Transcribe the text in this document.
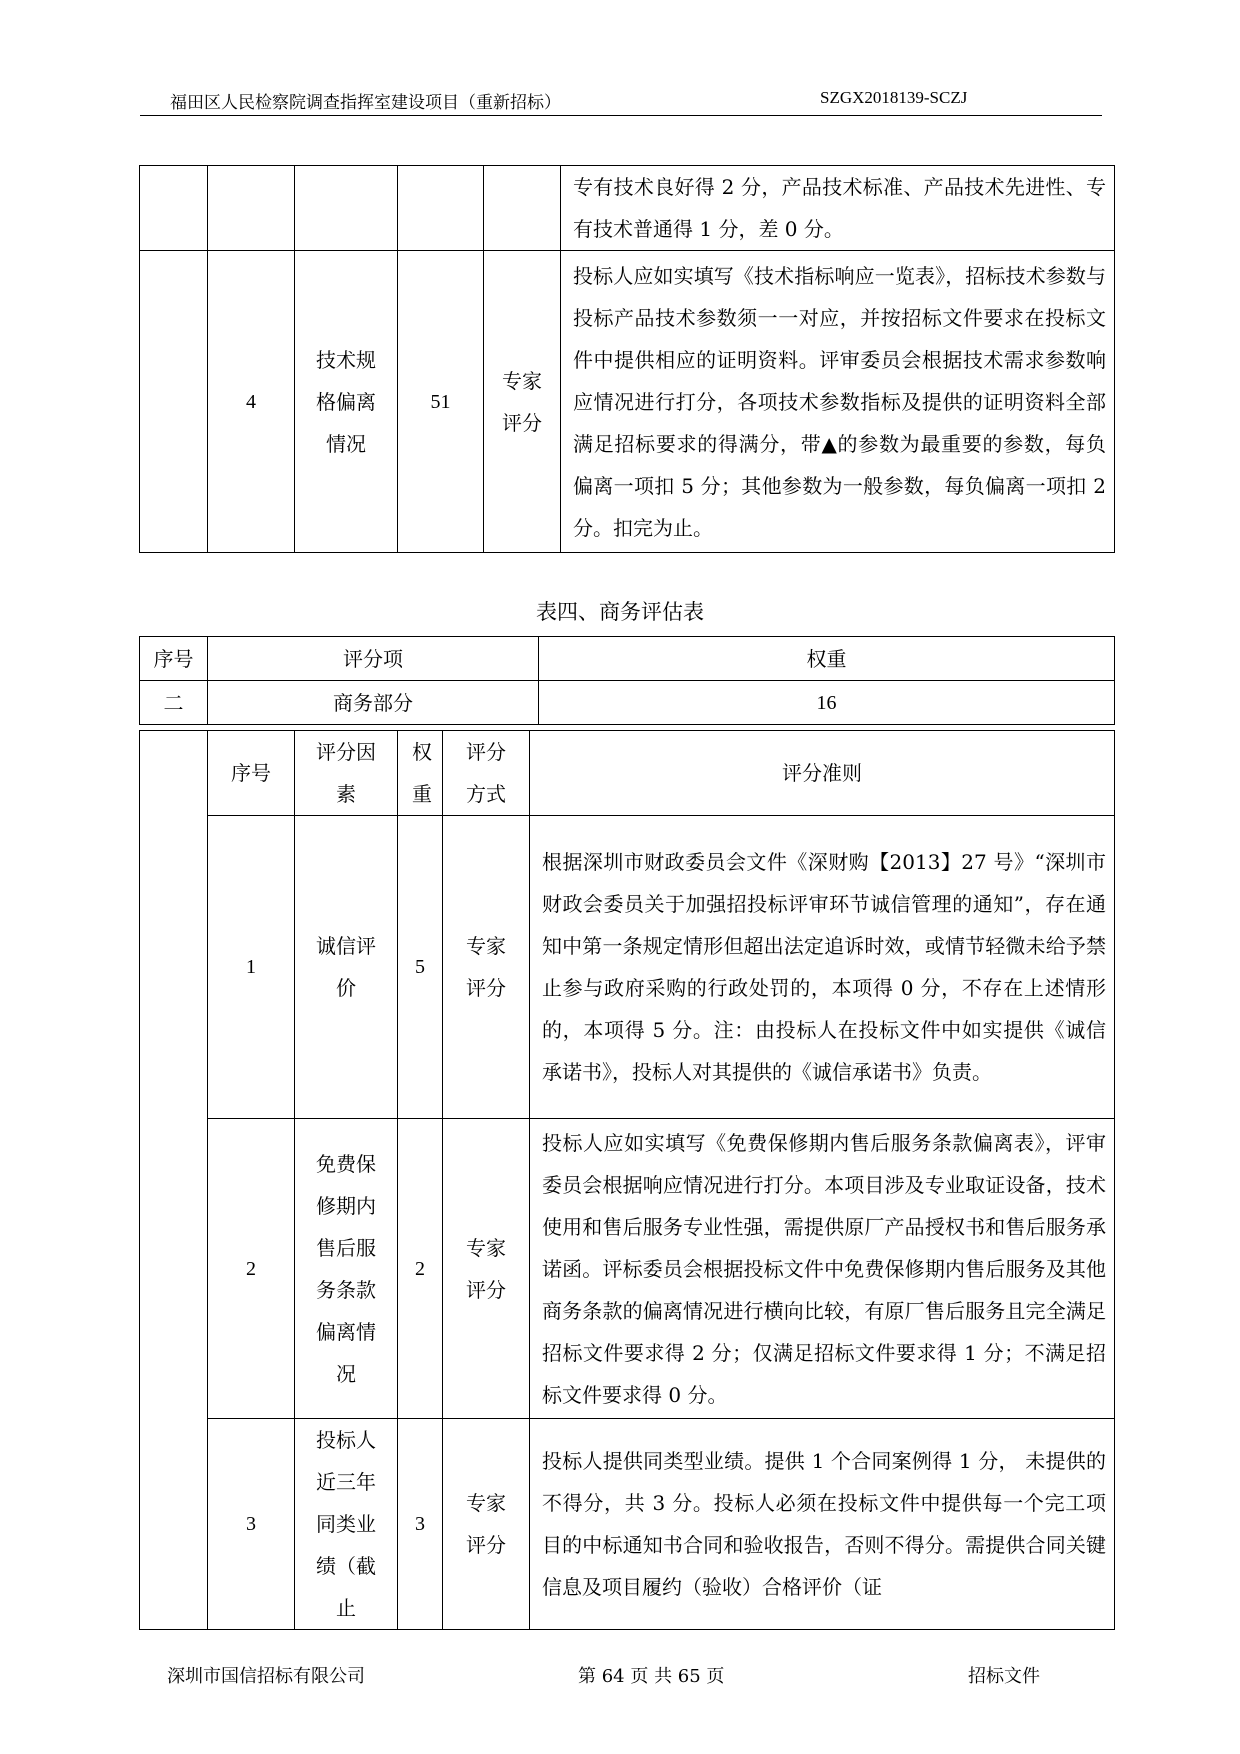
福田区人民检察院调查指挥室建设项目（重新招标）	SZGX2018139-SCZJ
					专有技术良好得 2 分，产品技术标准、产品技术先进性、专有技术普通得 1 分，差 0 分。
	4	技术规格偏离情况	51	专家评分	投标人应如实填写《技术指标响应一览表》，招标技术参数与投标产品技术参数须一一对应，并按招标文件要求在投标文件中提供相应的证明资料。评审委员会根据技术需求参数响应情况进行打分，各项技术参数指标及提供的证明资料全部满足招标要求的得满分，带▲的参数为最重要的参数，每负偏离一项扣 5 分；其他参数为一般参数，每负偏离一项扣 2 分。扣完为止。
表四、商务评估表
序号	评分项	权重
二	商务部分	16
	序号	评分因素	权重	评分方式	评分准则
	1	诚信评价	5	专家评分	根据深圳市财政委员会文件《深财购【2013】27 号》“深圳市财政会委员关于加强招投标评审环节诚信管理的通知”，存在通知中第一条规定情形但超出法定追诉时效，或情节轻微未给予禁止参与政府采购的行政处罚的，本项得 0 分，不存在上述情形的，本项得 5 分。注：由投标人在投标文件中如实提供《诚信承诺书》，投标人对其提供的《诚信承诺书》负责。
	2	免费保修期内售后服务条款偏离情况	2	专家评分	投标人应如实填写《免费保修期内售后服务条款偏离表》，评审委员会根据响应情况进行打分。本项目涉及专业取证设备，技术使用和售后服务专业性强，需提供原厂产品授权书和售后服务承诺函。评标委员会根据投标文件中免费保修期内售后服务及其他商务条款的偏离情况进行横向比较，有原厂售后服务且完全满足招标文件要求得 2 分；仅满足招标文件要求得 1 分；不满足招标文件要求得 0 分。
	3	投标人近三年同类业绩（截止	3	专家评分	投标人提供同类型业绩。提供 1 个合同案例得 1 分， 未提供的不得分，共 3 分。投标人必须在投标文件中提供每一个完工项目的中标通知书合同和验收报告，否则不得分。需提供合同关键信息及项目履约（验收）合格评价（证
深圳市国信招标有限公司	第 64 页 共 65 页	招标文件
